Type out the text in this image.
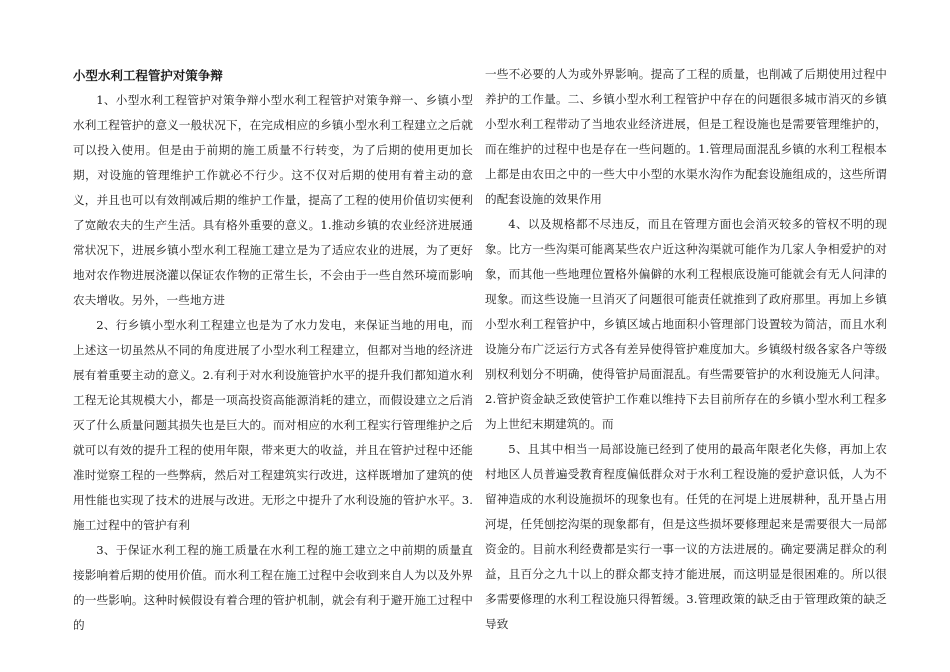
小型水利工程管护对策争辩

1、小型水利工程管护对策争辩小型水利工程管护对策争辩一、乡镇小型水利工程管护的意义一般状况下，在完成相应的乡镇小型水利工程建立之后就可以投入使用。但是由于前期的施工质量不行转变，为了后期的使用更加长期，对设施的管理维护工作就必不行少。这不仅对后期的使用有着主动的意义，并且也可以有效削减后期的维护工作量，提高了工程的使用价值切实便利了宽敞农夫的生产生活。具有格外重要的意义。1.推动乡镇的农业经济进展通常状况下，进展乡镇小型水利工程施工建立是为了适应农业的进展，为了更好地对农作物进展浇灌以保证农作物的正常生长，不会由于一些自然环境而影响农夫增收。另外，一些地方进

2、行乡镇小型水利工程建立也是为了水力发电，来保证当地的用电，而上述这一切虽然从不同的角度进展了小型水利工程建立，但都对当地的经济进展有着重要主动的意义。2.有利于对水利设施管护水平的提升我们都知道水利工程无论其规模大小，都是一项高投资高能源消耗的建立，而假设建立之后消灭了什么质量问题其损失也是巨大的。而对相应的水利工程实行管理维护之后就可以有效的提升工程的使用年限，带来更大的收益，并且在管护过程中还能准时觉察工程的一些弊病，然后对工程建筑实行改进，这样既增加了建筑的使用性能也实现了技术的进展与改进。无形之中提升了水利设施的管护水平。3.施工过程中的管护有利

3、于保证水利工程的施工质量在水利工程的施工建立之中前期的质量直接影响着后期的使用价值。而水利工程在施工过程中会收到来自人为以及外界的一些影响。这种时候假设有着合理的管护机制，就会有利于避开施工过程中的

一些不必要的人为或外界影响。提高了工程的质量，也削减了后期使用过程中养护的工作量。二、乡镇小型水利工程管护中存在的问题很多城市消灭的乡镇小型水利工程带动了当地农业经济进展，但是工程设施也是需要管理维护的，而在维护的过程中也是存在一些问题的。1.管理局面混乱乡镇的水利工程根本上都是由农田之中的一些大中小型的水渠水沟作为配套设施组成的，这些所谓的配套设施的效果作用

4、以及规格都不尽违反，而且在管理方面也会消灭较多的管权不明的现象。比方一些沟渠可能离某些农户近这种沟渠就可能作为几家人争相爱护的对象，而其他一些地理位置格外偏僻的水利工程根底设施可能就会有无人问津的现象。而这些设施一旦消灭了问题很可能责任就推到了政府那里。再加上乡镇小型水利工程管护中，乡镇区域占地面积小管理部门设置较为简洁，而且水利设施分布广泛运行方式各有差异使得管护难度加大。乡镇级村级各家各户等级别权利划分不明确，使得管护局面混乱。有些需要管护的水利设施无人问津。2.管护资金缺乏致使管护工作难以维持下去目前所存在的乡镇小型水利工程多为上世纪末期建筑的。而

5、且其中相当一局部设施已经到了使用的最高年限老化失修，再加上农村地区人员普遍受教育程度偏低群众对于水利工程设施的爱护意识低，人为不留神造成的水利设施损坏的现象也有。任凭的在河堤上进展耕种，乱开垦占用河堤，任凭刨挖沟渠的现象都有，但是这些损坏要修理起来是需要很大一局部资金的。目前水利经费都是实行一事一议的方法进展的。确定要满足群众的利益，且百分之九十以上的群众都支持才能进展，而这明显是很困难的。所以很多需要修理的水利工程设施只得暂缓。3.管理政策的缺乏由于管理政策的缺乏导致
